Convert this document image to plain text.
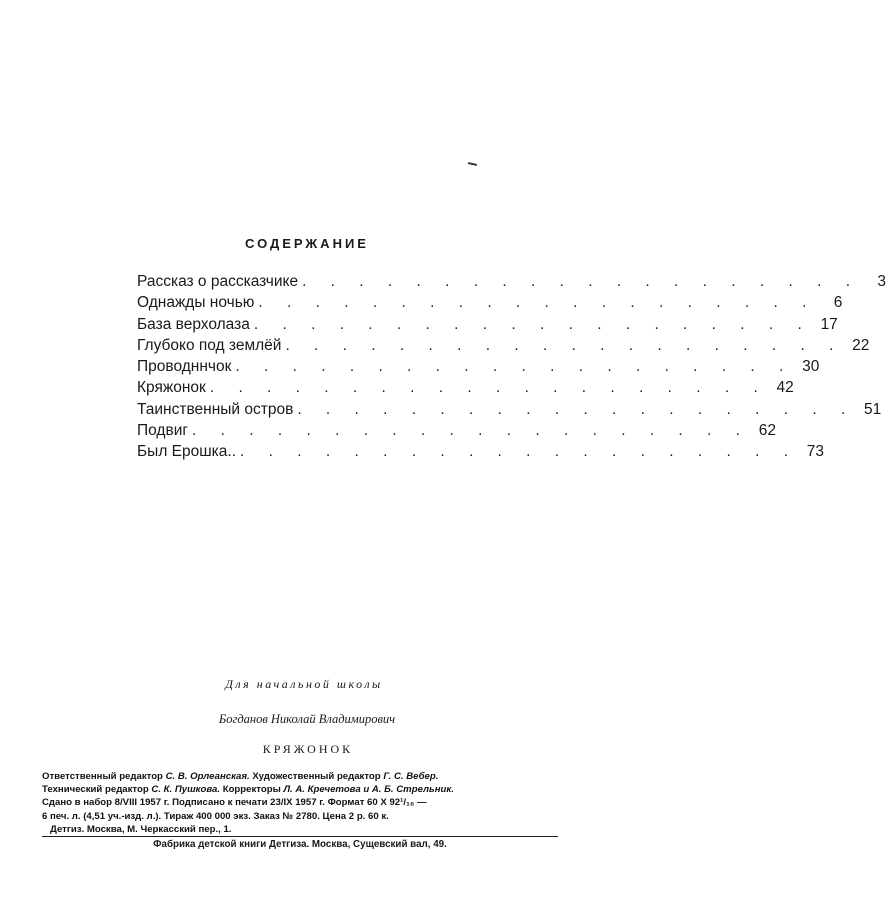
СОДЕРЖАНИЕ
Рассказ о рассказчике . . . . . . . . . . . . . . . . . . . .	3
Однажды ночью . . . . . . . . . . . . . . . . . . . .	6
База верхолаза . . . . . . . . . . . . . . . . . . . . 17
Глубоко под землёй . . . . . . . . . . . . . . . . . . . . 22
Проводннчок . . . . . . . . . . . . . . . . . . . . 30
Кряжонок . . . . . . . . . . . . . . . . . . . . 42
Таинственный остров . . . . . . . . . . . . . . . . . . . . 51
Подвиг . . . . . . . . . . . . . . . . . . . . 62
Был Ерошка.. . . . . . . . . . . . . . . . . . . . . 73
Для начальной школы
Богданов Николай Владимирович
КРЯЖОНОК
Ответственный редактор С. В. Орлеанская. Художественный редактор Г. С. Вебер.
Технический редактор С. К. Пушкова. Корректоры Л. А. Кречетова и А. Б. Стрельник.
Сдано в набор 8/VIII 1957 г. Подписано к печати 23/IX 1957 г. Формат 60 X 92¹/₁₆ —
6 печ. л. (4,51 уч.-изд. л.). Тираж 400 000 экз. Заказ № 2780. Цена 2 р. 60 к.
Детгиз. Москва, М. Черкасский пер., 1.
Фабрика детской книги Детгиза. Москва, Сущевский вал, 49.
